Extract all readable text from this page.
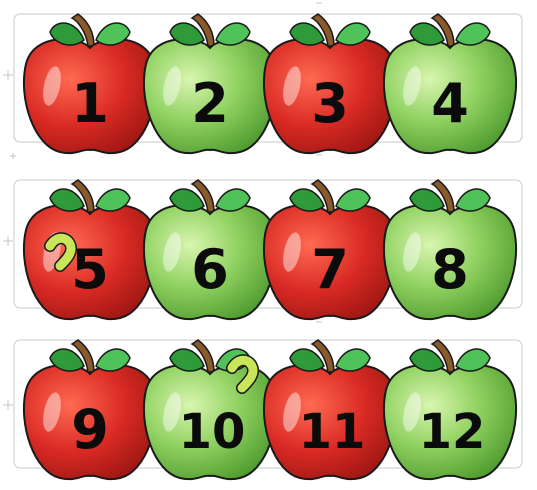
1 2 3 4
5 6 7 8
9 10 11 12
